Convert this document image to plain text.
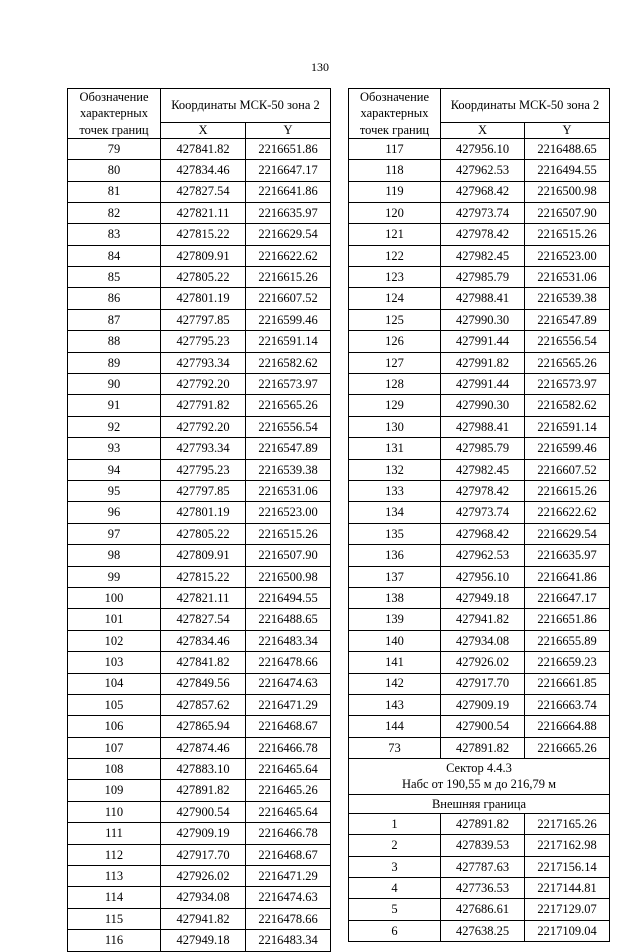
130
Обозначение характерных точек границ	Координаты МСК-50 зона 2	
	X	Y
79	427841.82	2216651.86
80	427834.46	2216647.17
81	427827.54	2216641.86
82	427821.11	2216635.97
83	427815.22	2216629.54
84	427809.91	2216622.62
85	427805.22	2216615.26
86	427801.19	2216607.52
87	427797.85	2216599.46
88	427795.23	2216591.14
89	427793.34	2216582.62
90	427792.20	2216573.97
91	427791.82	2216565.26
92	427792.20	2216556.54
93	427793.34	2216547.89
94	427795.23	2216539.38
95	427797.85	2216531.06
96	427801.19	2216523.00
97	427805.22	2216515.26
98	427809.91	2216507.90
99	427815.22	2216500.98
100	427821.11	2216494.55
101	427827.54	2216488.65
102	427834.46	2216483.34
103	427841.82	2216478.66
104	427849.56	2216474.63
105	427857.62	2216471.29
106	427865.94	2216468.67
107	427874.46	2216466.78
108	427883.10	2216465.64
109	427891.82	2216465.26
110	427900.54	2216465.64
111	427909.19	2216466.78
112	427917.70	2216468.67
113	427926.02	2216471.29
114	427934.08	2216474.63
115	427941.82	2216478.66
116	427949.18	2216483.34
Обозначение характерных точек границ	Координаты МСК-50 зона 2	
	X	Y
117	427956.10	2216488.65
118	427962.53	2216494.55
119	427968.42	2216500.98
120	427973.74	2216507.90
121	427978.42	2216515.26
122	427982.45	2216523.00
123	427985.79	2216531.06
124	427988.41	2216539.38
125	427990.30	2216547.89
126	427991.44	2216556.54
127	427991.82	2216565.26
128	427991.44	2216573.97
129	427990.30	2216582.62
130	427988.41	2216591.14
131	427985.79	2216599.46
132	427982.45	2216607.52
133	427978.42	2216615.26
134	427973.74	2216622.62
135	427968.42	2216629.54
136	427962.53	2216635.97
137	427956.10	2216641.86
138	427949.18	2216647.17
139	427941.82	2216651.86
140	427934.08	2216655.89
141	427926.02	2216659.23
142	427917.70	2216661.85
143	427909.19	2216663.74
144	427900.54	2216664.88
73	427891.82	2216665.26

Сектор 4.4.3
Набс от 190,55 м до 216,79 м		

Внешняя граница		
1	427891.82	2217165.26
2	427839.53	2217162.98
3	427787.63	2217156.14
4	427736.53	2217144.81
5	427686.61	2217129.07
6	427638.25	2217109.04
